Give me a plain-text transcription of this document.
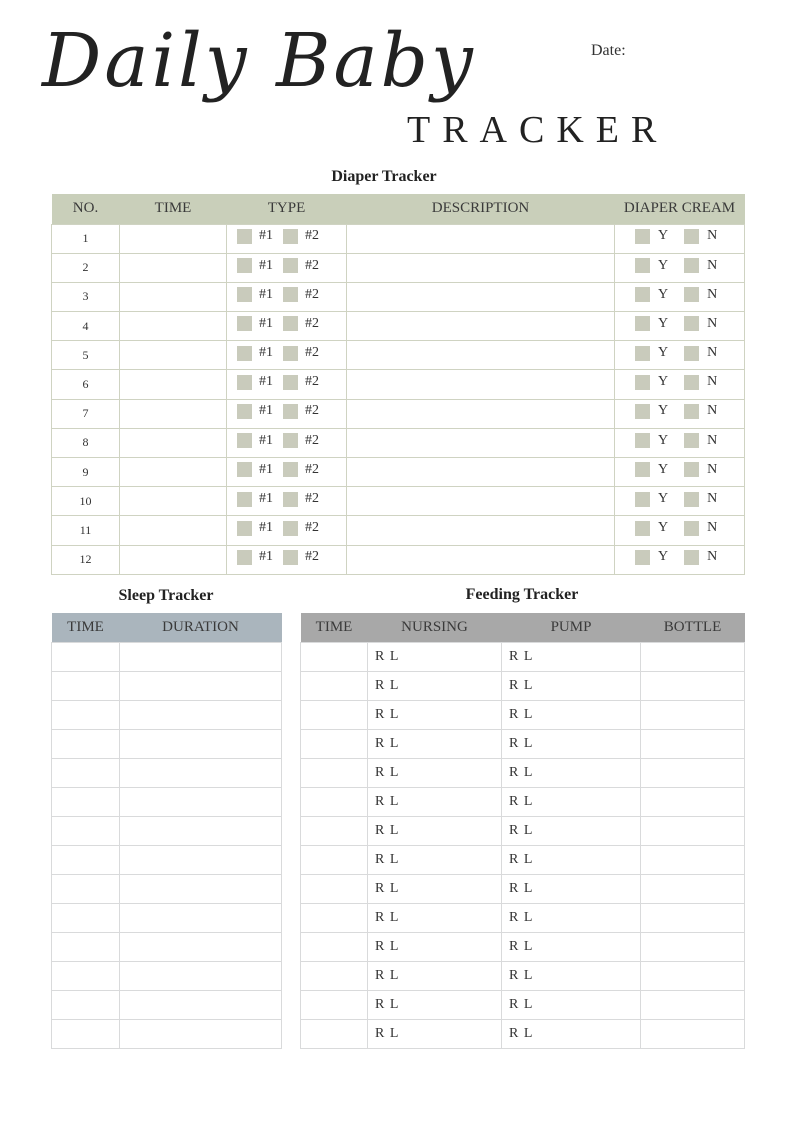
Daily Baby
TRACKER
Date:
Diaper Tracker
NO.	TIME	TYPE	DESCRIPTION	DIAPER CREAM
1		#1 #2		Y N

2		#1 #2		Y N

3		#1 #2		Y N

4		#1 #2		Y N

5		#1 #2		Y N

6		#1 #2		Y N

7		#1 #2		Y N

8		#1 #2		Y N

9		#1 #2		Y N

10		#1 #2		Y N

11		#1 #2		Y N

12		#1 #2		Y N
Sleep Tracker
TIME	DURATION

Feeding Tracker
TIME	NURSING	PUMP	BOTTLE
	R L	R L	
	R L	R L	
	R L	R L	
	R L	R L	
	R L	R L	
	R L	R L	
	R L	R L	
	R L	R L	
	R L	R L	
	R L	R L	
	R L	R L	
	R L	R L	
	R L	R L	
	R L	R L	
